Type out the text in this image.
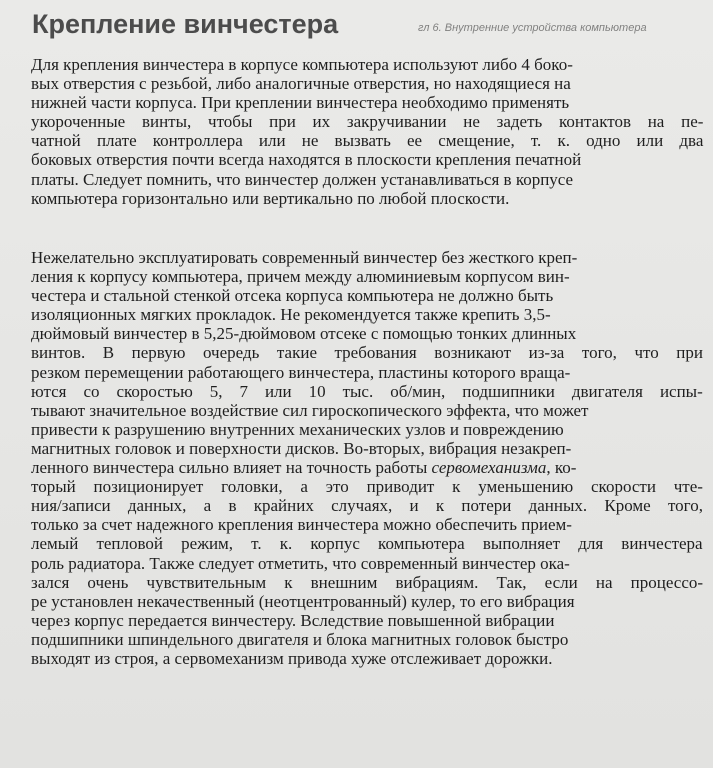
Крепление винчестера	гл 6. Внутренние устройства компьютера
Для крепления винчестера в корпусе компьютера используют либо 4 боко-
вых отверстия с резьбой, либо аналогичные отверстия, но находящиеся на
нижней части корпуса. При креплении винчестера необходимо применять
укороченные винты, чтобы при их закручивании не задеть контактов на пе-
чатной плате контроллера или не вызвать ее смещение, т. к. одно или два
боковых отверстия почти всегда находятся в плоскости крепления печатной
платы. Следует помнить, что винчестер должен устанавливаться в корпусе
компьютера горизонтально или вертикально по любой плоскости.
Нежелательно эксплуатировать современный винчестер без жесткого креп-
ления к корпусу компьютера, причем между алюминиевым корпусом вин-
честера и стальной стенкой отсека корпуса компьютера не должно быть
изоляционных мягких прокладок. Не рекомендуется также крепить 3,5-
дюймовый винчестер в 5,25-дюймовом отсеке с помощью тонких длинных
винтов. В первую очередь такие требования возникают из-за того, что при
резком перемещении работающего винчестера, пластины которого враща-
ются со скоростью 5, 7 или 10 тыс. об/мин, подшипники двигателя испы-
тывают значительное воздействие сил гироскопического эффекта, что может
привести к разрушению внутренних механических узлов и повреждению
магнитных головок и поверхности дисков. Во-вторых, вибрация незакреп-
ленного винчестера сильно влияет на точность работы сервомеханизма, ко-
торый позиционирует головки, а это приводит к уменьшению скорости чте-
ния/записи данных, а в крайних случаях, и к потери данных. Кроме того,
только за счет надежного крепления винчестера можно обеспечить прием-
лемый тепловой режим, т. к. корпус компьютера выполняет для винчестера
роль радиатора. Также следует отметить, что современный винчестер ока-
зался очень чувствительным к внешним вибрациям. Так, если на процессо-
ре установлен некачественный (неотцентрованный) кулер, то его вибрация
через корпус передается винчестеру. Вследствие повышенной вибрации
подшипники шпиндельного двигателя и блока магнитных головок быстро
выходят из строя, а сервомеханизм привода хуже отслеживает дорожки.
